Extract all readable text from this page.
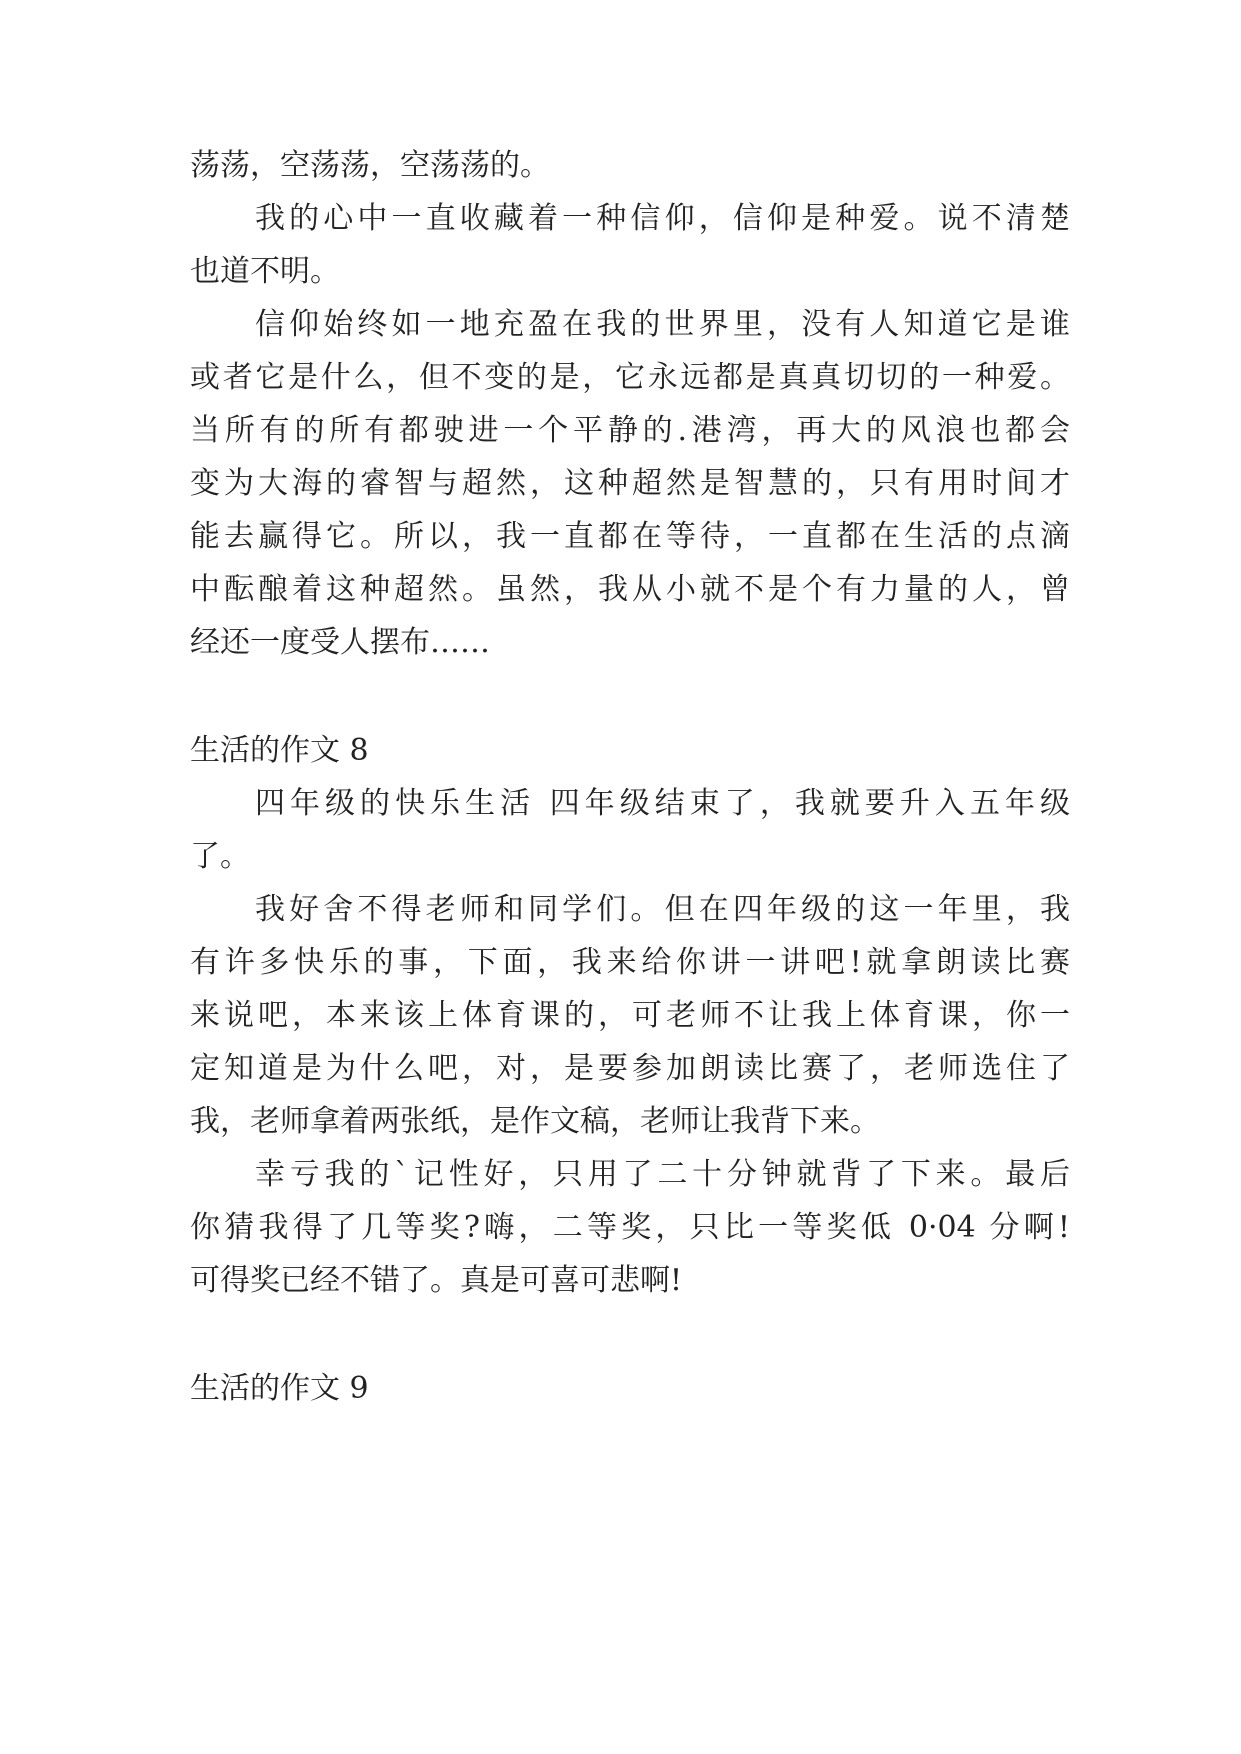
荡荡，空荡荡，空荡荡的。
我的心中一直收藏着一种信仰，信仰是种爱。说不清楚
也道不明。
信仰始终如一地充盈在我的世界里，没有人知道它是谁
或者它是什么，但不变的是，它永远都是真真切切的一种爱。
当所有的所有都驶进一个平静的.港湾，再大的风浪也都会
变为大海的睿智与超然，这种超然是智慧的，只有用时间才
能去赢得它。所以，我一直都在等待，一直都在生活的点滴
中酝酿着这种超然。虽然，我从小就不是个有力量的人，曾
经还一度受人摆布……
生活的作文 8
四年级的快乐生活 四年级结束了，我就要升入五年级
了。
我好舍不得老师和同学们。但在四年级的这一年里，我
有许多快乐的事，下面，我来给你讲一讲吧!就拿朗读比赛
来说吧，本来该上体育课的，可老师不让我上体育课，你一
定知道是为什么吧，对，是要参加朗读比赛了，老师选住了
我，老师拿着两张纸，是作文稿，老师让我背下来。
幸亏我的`记性好，只用了二十分钟就背了下来。最后
你猜我得了几等奖?嗨，二等奖，只比一等奖低 0·04 分啊!
可得奖已经不错了。真是可喜可悲啊!
生活的作文 9
